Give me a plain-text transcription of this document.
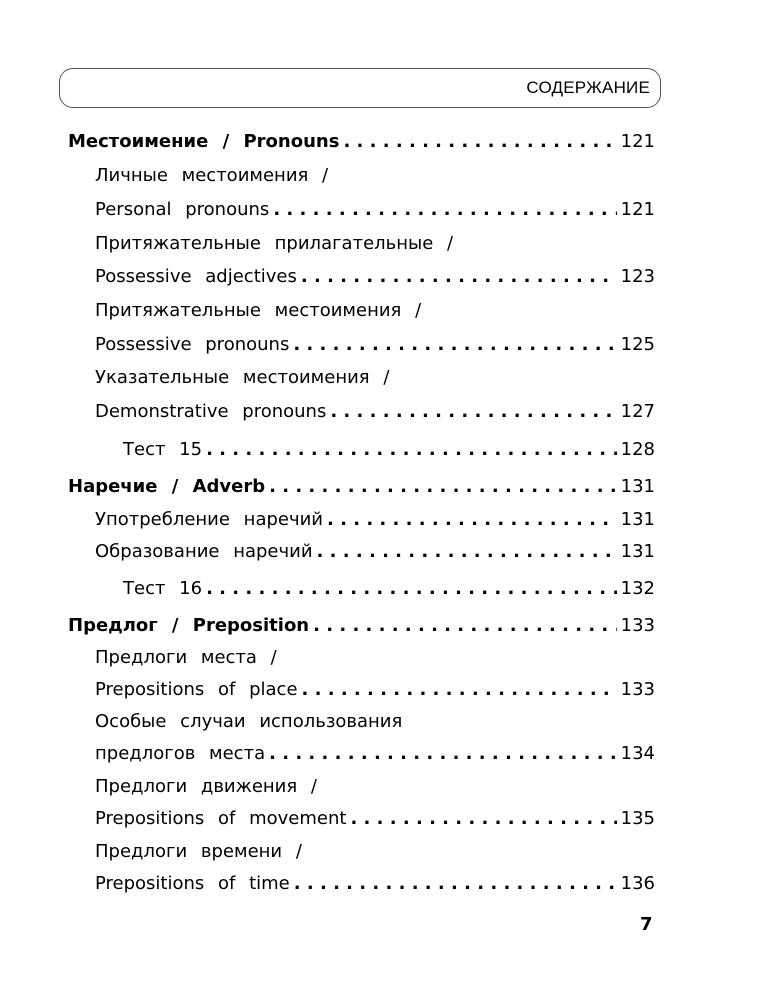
СОДЕРЖАНИЕ
Местоимение / Pronouns . . .	121
Личные местоимения /
Personal pronouns . . .	121
Притяжательные прилагательные /
Possessive adjectives . . .	123
Притяжательные местоимения /
Possessive pronouns . . .	125
Указательные местоимения /
Demonstrative pronouns . . .	127
Тест 15 . . .	128
Наречие / Adverb . . .	131
Употребление наречий . . .	131
Образование наречий . . .	131
Тест 16 . . .	132
Предлог / Preposition . . .	133
Предлоги места /
Prepositions of place . . .	133
Особые случаи использования
предлогов места . . .	134
Предлоги движения /
Prepositions of movement . . .	135
Предлоги времени /
Prepositions of time . . .	136
7
